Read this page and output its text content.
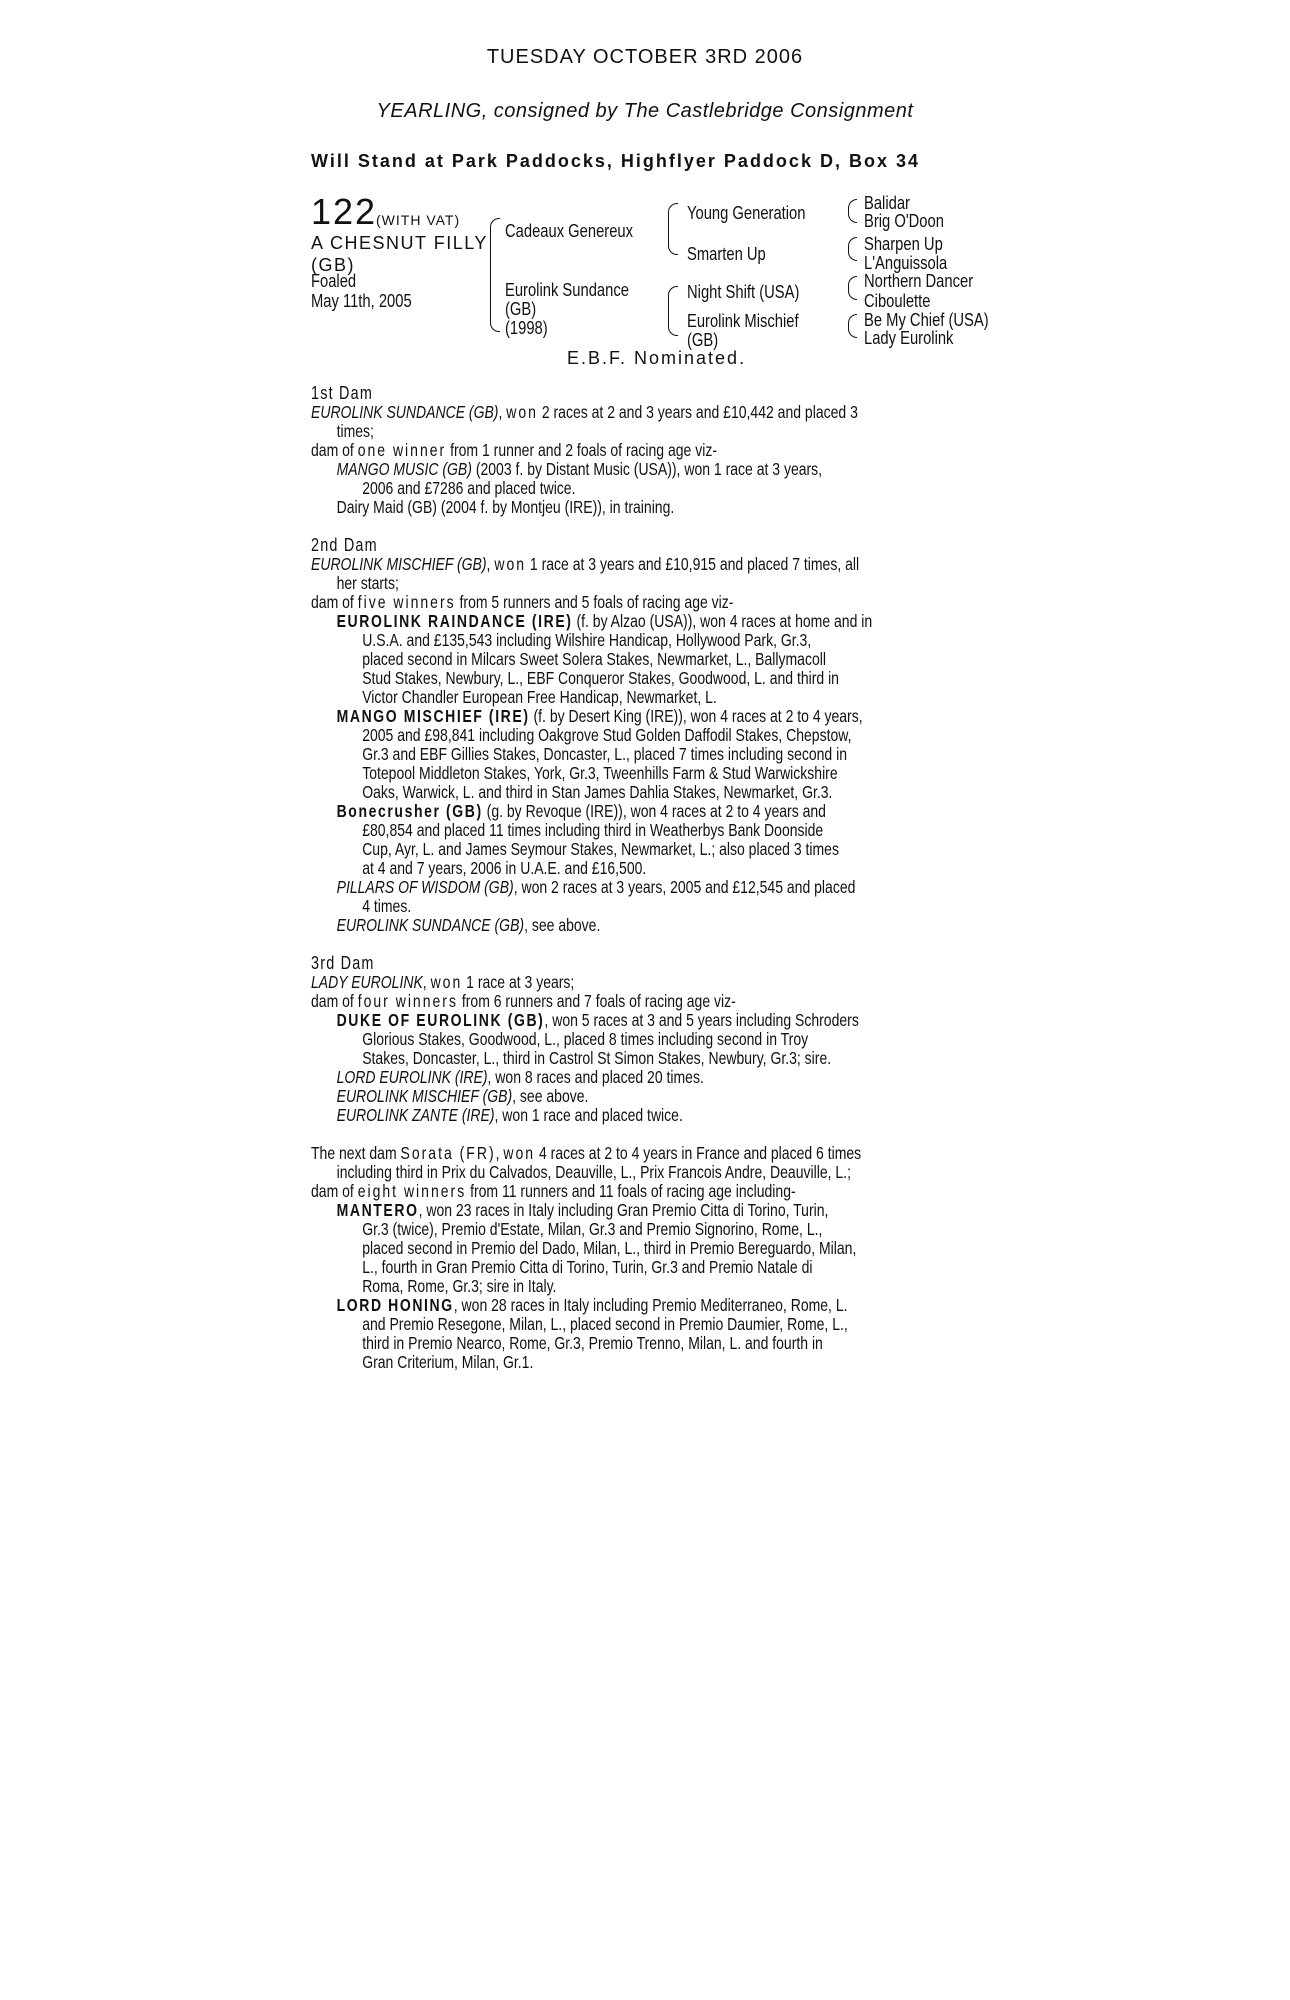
TUESDAY OCTOBER 3RD 2006
YEARLING, consigned by The Castlebridge Consignment
Will Stand at Park Paddocks, Highflyer Paddock D, Box 34
122
(WITH VAT)
A CHESNUT FILLY
(GB)
Foaled
May 11th, 2005
Cadeaux Genereux
Eurolink Sundance
(GB)
(1998)
Young Generation
Smarten Up
Night Shift (USA)
Eurolink Mischief
(GB)
Balidar
Brig O'Doon
Sharpen Up
L'Anguissola
Northern Dancer
Ciboulette
Be My Chief (USA)
Lady Eurolink
E.B.F. Nominated.
1st Dam
EUROLINK SUNDANCE (GB), won 2 races at 2 and 3 years and £10,442 and placed 3
times;
dam of one winner from 1 runner and 2 foals of racing age viz-
MANGO MUSIC (GB) (2003 f. by Distant Music (USA)), won 1 race at 3 years,
2006 and £7286 and placed twice.
Dairy Maid (GB) (2004 f. by Montjeu (IRE)), in training.
2nd Dam
EUROLINK MISCHIEF (GB), won 1 race at 3 years and £10,915 and placed 7 times, all
her starts;
dam of five winners from 5 runners and 5 foals of racing age viz-
EUROLINK RAINDANCE (IRE) (f. by Alzao (USA)), won 4 races at home and in
U.S.A. and £135,543 including Wilshire Handicap, Hollywood Park, Gr.3,
placed second in Milcars Sweet Solera Stakes, Newmarket, L., Ballymacoll
Stud Stakes, Newbury, L., EBF Conqueror Stakes, Goodwood, L. and third in
Victor Chandler European Free Handicap, Newmarket, L.
MANGO MISCHIEF (IRE) (f. by Desert King (IRE)), won 4 races at 2 to 4 years,
2005 and £98,841 including Oakgrove Stud Golden Daffodil Stakes, Chepstow,
Gr.3 and EBF Gillies Stakes, Doncaster, L., placed 7 times including second in
Totepool Middleton Stakes, York, Gr.3, Tweenhills Farm & Stud Warwickshire
Oaks, Warwick, L. and third in Stan James Dahlia Stakes, Newmarket, Gr.3.
Bonecrusher (GB) (g. by Revoque (IRE)), won 4 races at 2 to 4 years and
£80,854 and placed 11 times including third in Weatherbys Bank Doonside
Cup, Ayr, L. and James Seymour Stakes, Newmarket, L.; also placed 3 times
at 4 and 7 years, 2006 in U.A.E. and £16,500.
PILLARS OF WISDOM (GB), won 2 races at 3 years, 2005 and £12,545 and placed
4 times.
EUROLINK SUNDANCE (GB), see above.
3rd Dam
LADY EUROLINK, won 1 race at 3 years;
dam of four winners from 6 runners and 7 foals of racing age viz-
DUKE OF EUROLINK (GB), won 5 races at 3 and 5 years including Schroders
Glorious Stakes, Goodwood, L., placed 8 times including second in Troy
Stakes, Doncaster, L., third in Castrol St Simon Stakes, Newbury, Gr.3; sire.
LORD EUROLINK (IRE), won 8 races and placed 20 times.
EUROLINK MISCHIEF (GB), see above.
EUROLINK ZANTE (IRE), won 1 race and placed twice.
The next dam Sorata (FR), won 4 races at 2 to 4 years in France and placed 6 times
including third in Prix du Calvados, Deauville, L., Prix Francois Andre, Deauville, L.;
dam of eight winners from 11 runners and 11 foals of racing age including-
MANTERO, won 23 races in Italy including Gran Premio Citta di Torino, Turin,
Gr.3 (twice), Premio d'Estate, Milan, Gr.3 and Premio Signorino, Rome, L.,
placed second in Premio del Dado, Milan, L., third in Premio Bereguardo, Milan,
L., fourth in Gran Premio Citta di Torino, Turin, Gr.3 and Premio Natale di
Roma, Rome, Gr.3; sire in Italy.
LORD HONING, won 28 races in Italy including Premio Mediterraneo, Rome, L.
and Premio Resegone, Milan, L., placed second in Premio Daumier, Rome, L.,
third in Premio Nearco, Rome, Gr.3, Premio Trenno, Milan, L. and fourth in
Gran Criterium, Milan, Gr.1.
